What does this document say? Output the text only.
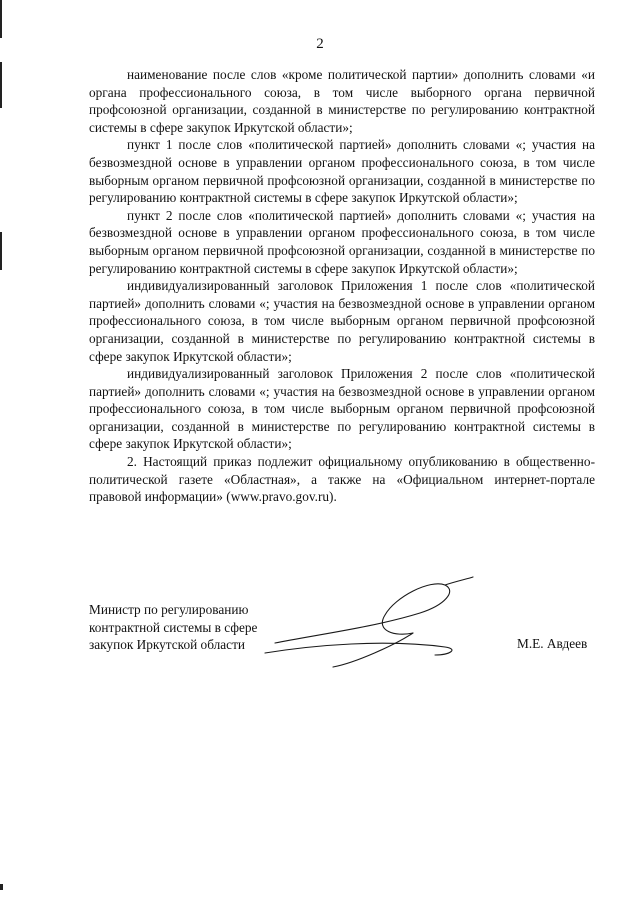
2

наименование после слов «кроме политической партии» дополнить словами «и органа профессионального союза, в том числе выборного органа первичной профсоюзной организации, созданной в министерстве по регулированию контрактной системы в сфере закупок Иркутской области»;

пункт 1 после слов «политической партией» дополнить словами «; участия на безвозмездной основе в управлении органом профессионального союза, в том числе выборным органом первичной профсоюзной организации, созданной в министерстве по регулированию контрактной системы в сфере закупок Иркутской области»;

пункт 2 после слов «политической партией» дополнить словами «; участия на безвозмездной основе в управлении органом профессионального союза, в том числе выборным органом первичной профсоюзной организации, созданной в министерстве по регулированию контрактной системы в сфере закупок Иркутской области»;

индивидуализированный заголовок Приложения 1 после слов «политической партией» дополнить словами «; участия на безвозмездной основе в управлении органом профессионального союза, в том числе выборным органом первичной профсоюзной организации, созданной в министерстве по регулированию контрактной системы в сфере закупок Иркутской области»;

индивидуализированный заголовок Приложения 2 после слов «политической партией» дополнить словами «; участия на безвозмездной основе в управлении органом профессионального союза, в том числе выборным органом первичной профсоюзной организации, созданной в министерстве по регулированию контрактной системы в сфере закупок Иркутской области»;

2. Настоящий приказ подлежит официальному опубликованию в общественно-политической газете «Областная», а также на «Официальном интернет-портале правовой информации» (www.pravo.gov.ru).

Министр по регулированию
контрактной системы в сфере
закупок Иркутской области	М.Е. Авдеев
